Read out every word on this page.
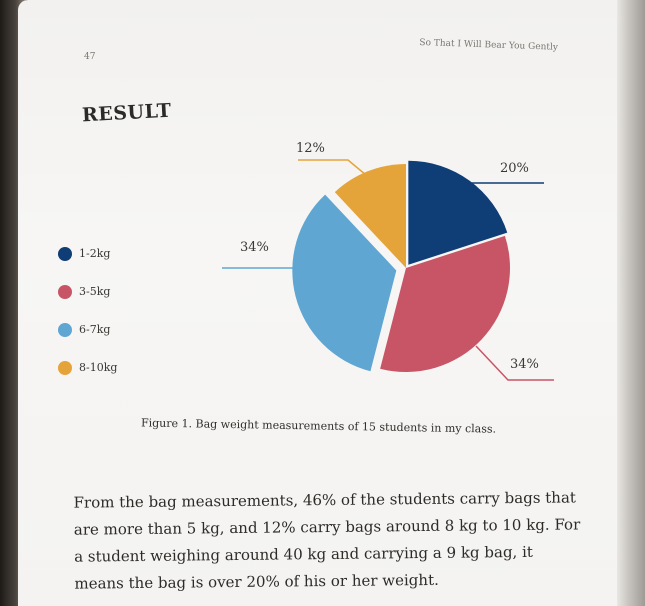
47
So That I Will Bear You Gently
RESULT

Figure 1. Bag weight measurements of 15 students in my class.

From the bag measurements, 46% of the students carry bags that are more than 5 kg, and 12% carry bags around 8 kg to 10 kg. For a student weighing around 40 kg and carrying a 9 kg bag, it means the bag is over 20% of his or her weight.

20%
34%
34%
12%
1-2kg
3-5kg
6-7kg
8-10kg
